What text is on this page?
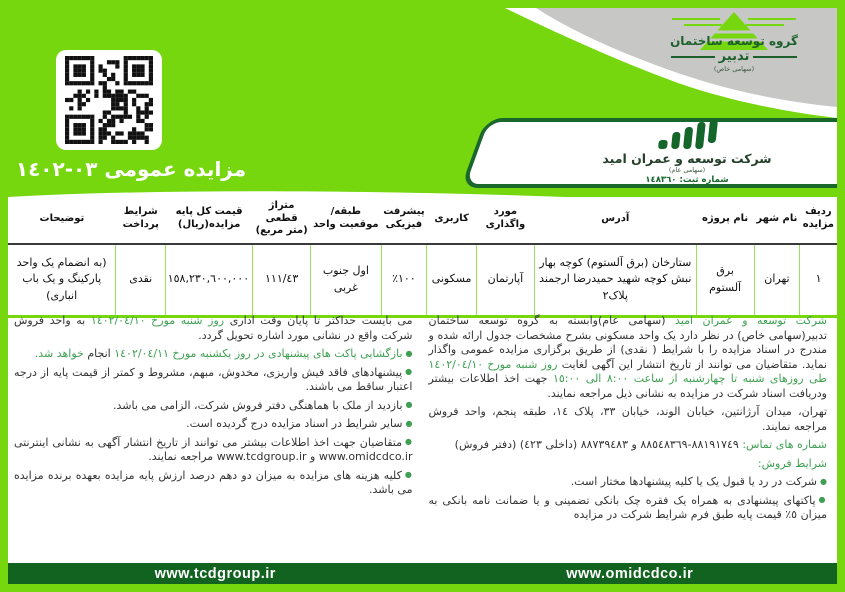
مزایده عمومی ٠٣-١٤٠٢
گروه توسعه ساختمان
تدبیر
(سهامی خاص)
شرکت توسعه و عمران امید
(سهامی عام)
شماره ثبت: ١٤٨٣٦٠
ردیف مزایده	نام شهر	نام پروژه	آدرس	مورد واگذاری	کاربری	پیشرفت فیزیکی	طبقه/موقعیت واحد	متراژ قطعی (متر مربع)	قیمت کل پایه مزایده(ریال)	شرایط پرداخت	توضیحات
١	تهران	برق آلستوم	ستارخان (برق آلستوم) کوچه بهار نبش کوچه شهید حمیدرضا ارجمند پلاک٢	آپارتمان	مسکونی	١٠٠٪	اول جنوب غربی	١١١/٤٣	١٥٨,٢٣٠,٦٠٠,٠٠٠	نقدی	(به انضمام یک واحد پارکینگ و یک باب انباری)

شرکت توسعه و عمران امید (سهامی عام)وابسته به گروه توسعه ساختمان تدبیر(سهامی خاص) در نظر دارد یک واحد مسکونی بشرح مشخصات جدول ارائه شده و مندرج در اسناد مزایده را با شرایط ( نقدی) از طریق برگزاری مزایده عمومی واگذار نماید. متقاضیان می توانند از تاریخ انتشار این آگهی لغایت روز شنبه مورخ ١٤٠٢/٠٤/١٠ طی روزهای شنبه تا چهارشنبه از ساعت ٨:٠٠ الی ١٥:٠٠ جهت اخذ اطلاعات بیشتر ودریافت اسناد شرکت در مزایده به نشانی ذیل مراجعه نمایند.

تهران، میدان آرژانتین، خیابان الوند، خیابان ٣٣، پلاک ١٤، طبقه پنجم، واحد فروش مراجعه نمایند.

شماره های تماس: ٨٨١٩١٧٤٩-٨٨٥٤٨٣٦٩ و ٨٨٧٣٩٤٨٣ (داخلی ٤٢٣) (دفتر فروش)

شرایط فروش:

●شرکت در رد یا قبول یک یا کلیه پیشنهادها مختار است.

●پاکتهای پیشنهادی به همراه یک فقره چک بانکی تضمینی و یا ضمانت نامه بانکی به میزان ٥٪ قیمت پایه طبق فرم شرایط شرکت در مزایده

می بایست حداکثر تا پایان وقت اداری روز شنبه مورخ ١٤٠٢/٠٤/١٠ به واحد فروش شرکت واقع در نشانی مورد اشاره تحویل گردد.

●بازگشایی پاکت های پیشنهادی در روز یکشنبه مورخ ١٤٠٢/٠٤/١١ انجام خواهد شد.

●پیشنهادهای فاقد فیش واریزی، مخدوش، مبهم، مشروط و کمتر از قیمت پایه از درجه اعتبار ساقط می باشند.

●بازدید از ملک با هماهنگی دفتر فروش شرکت، الزامی می باشد.

●سایر شرایط در اسناد مزایده درج گردیده است.

●متقاضیان جهت اخذ اطلاعات بیشتر می توانند از تاریخ انتشار آگهی به نشانی اینترنتی www.omidcdco.ir و www.tcdgroup.ir مراجعه نمایند.

●کلیه هزینه های مزایده به میزان دو دهم درصد ارزش پایه مزایده بعهده برنده مزایده می باشد.

www.tcdgroup.ir	www.omidcdco.ir
